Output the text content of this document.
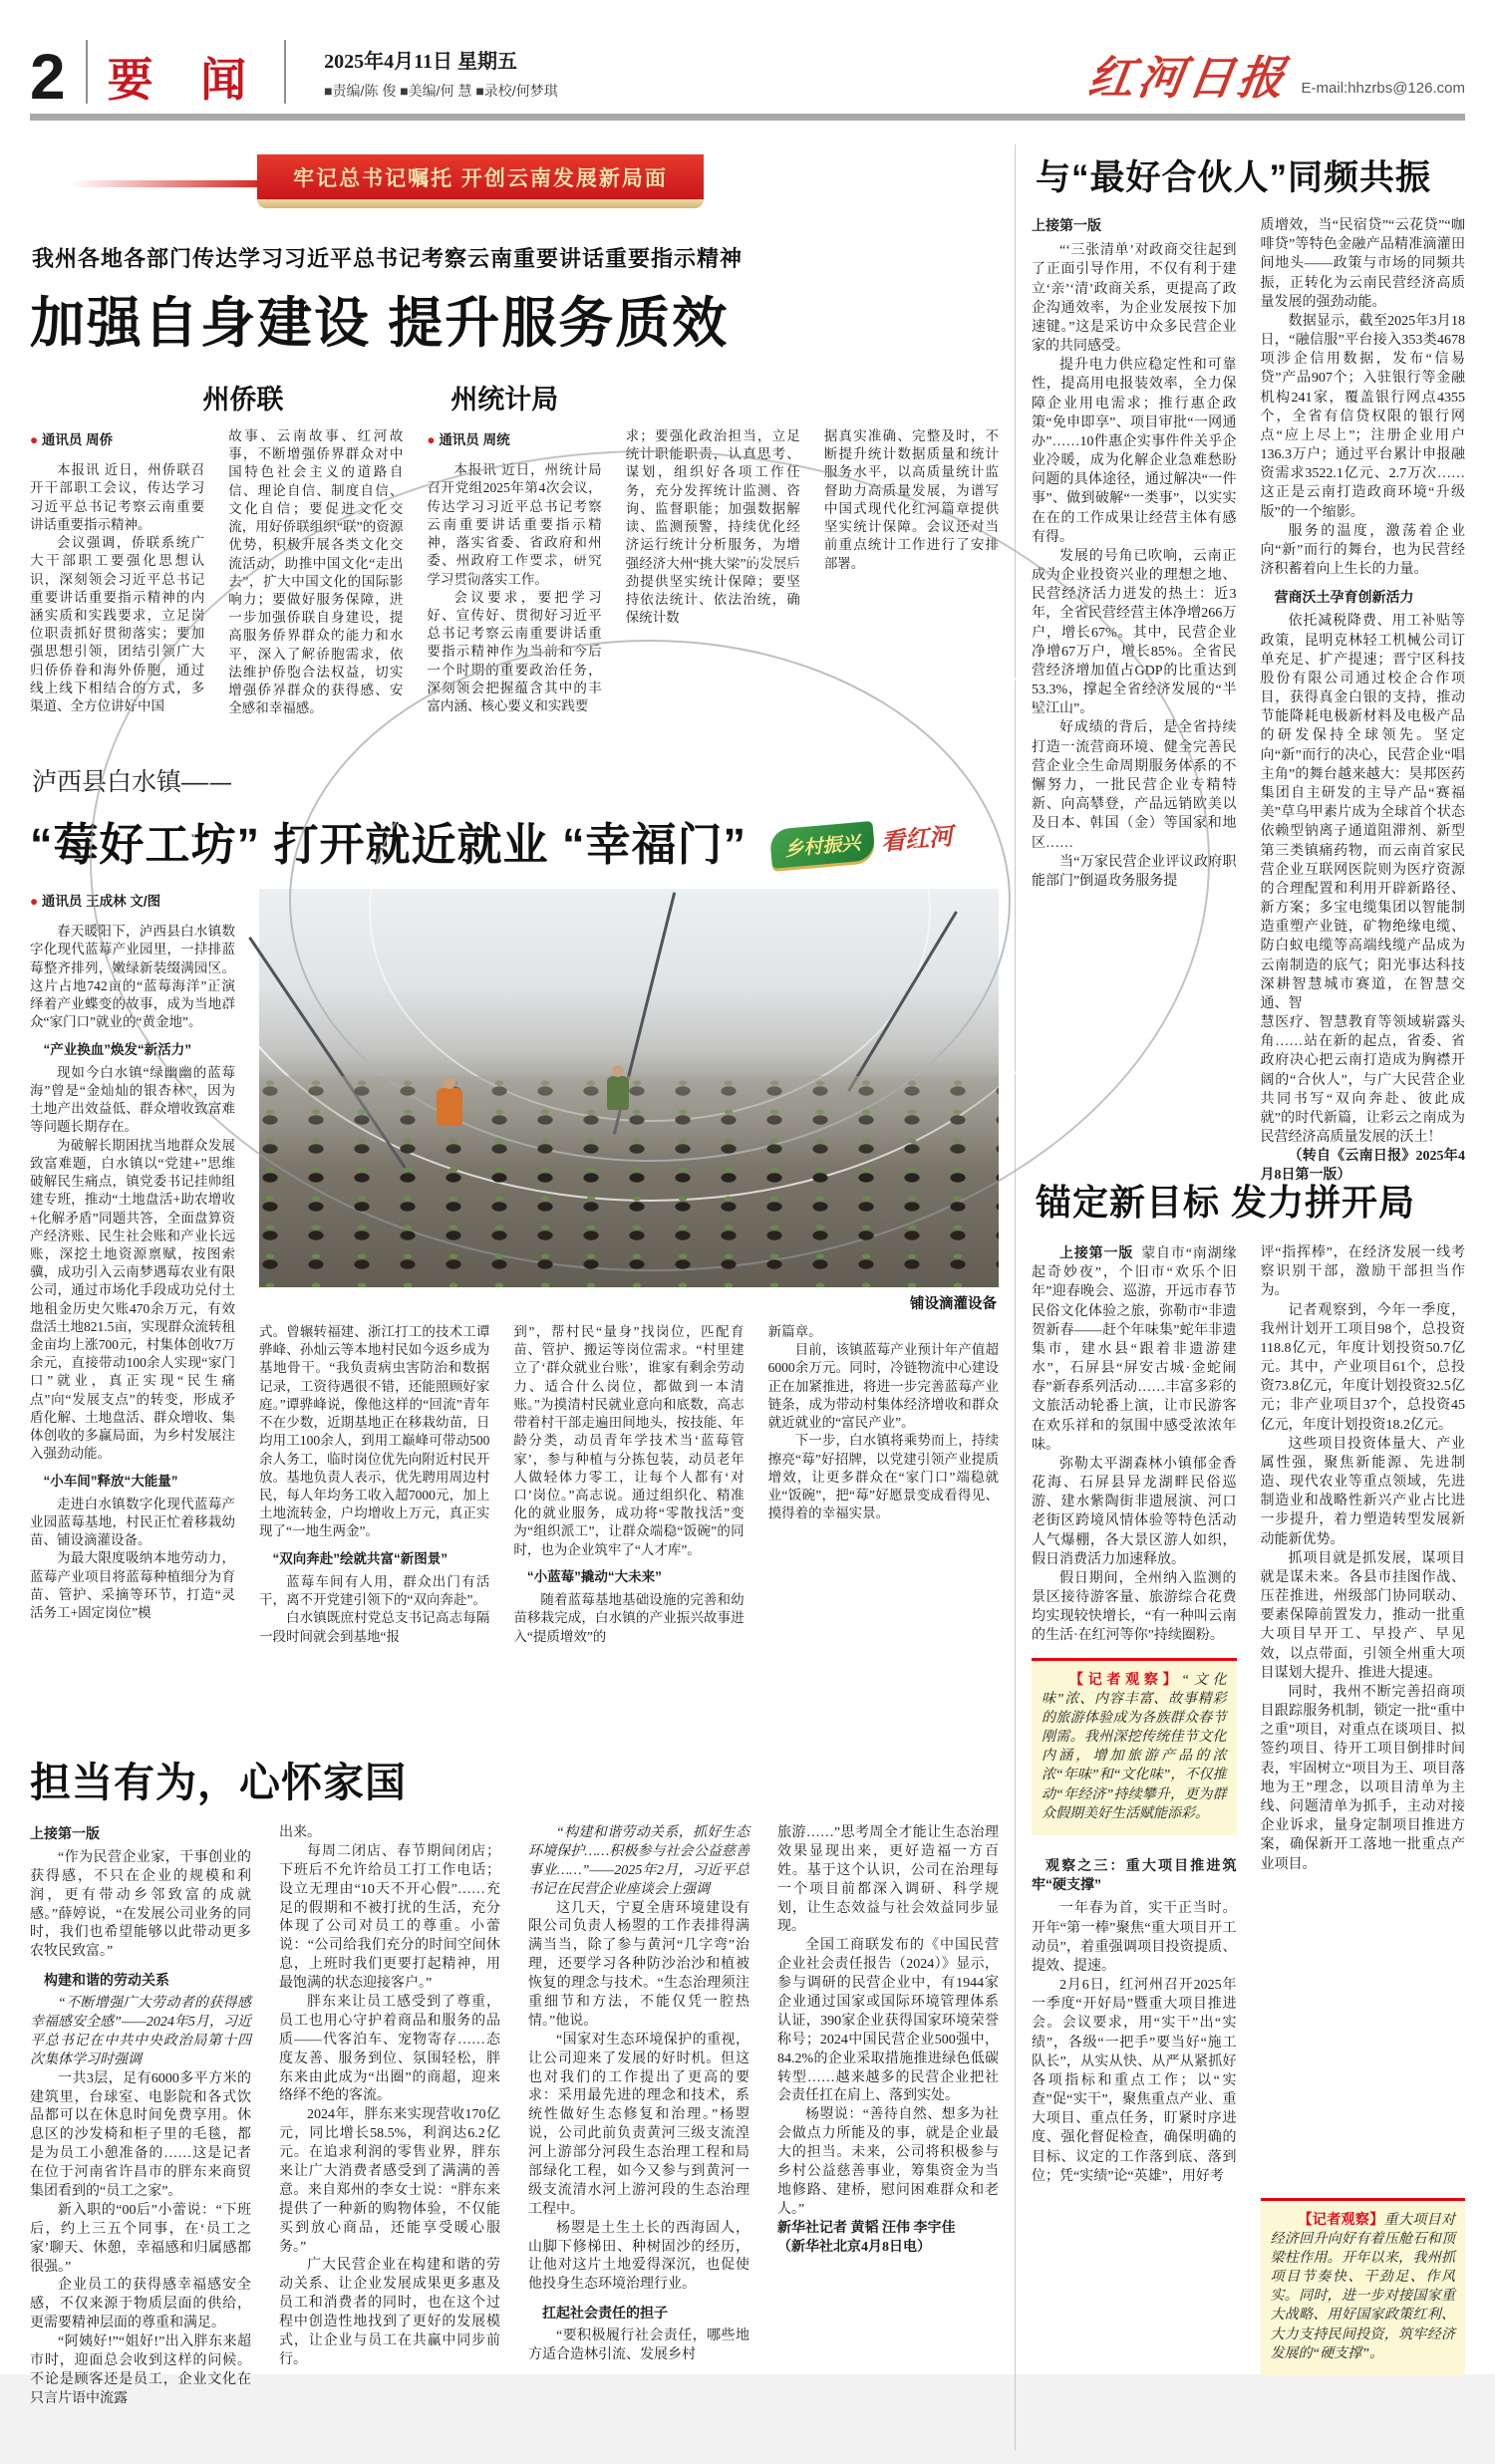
2 要 闻	2025年4月11日 星期五
■责编/陈 俊 ■美编/何 慧 ■录校/何梦琪	红河日报 E-mail:hhzrbs@126.com
牢记总书记嘱托 开创云南发展新局面
我州各地各部门传达学习习近平总书记考察云南重要讲话重要指示精神
加强自身建设 提升服务质效
州侨联	州统计局

● 通讯员 周侨

本报讯 近日，州侨联召开干部职工会议，传达学习习近平总书记考察云南重要讲话重要指示精神。

会议强调，侨联系统广大干部职工要强化思想认识，深刻领会习近平总书记重要讲话重要指示精神的内涵实质和实践要求，立足岗位职责抓好贯彻落实；要加强思想引领，团结引领广大归侨侨眷和海外侨胞，通过线上线下相结合的方式，多渠道、全方位讲好中国

故事、云南故事、红河故事，不断增强侨界群众对中国特色社会主义的道路自信、理论自信、制度自信、文化自信；要促进文化交流，用好侨联组织“联”的资源优势，积极开展各类文化交流活动，助推中国文化“走出去”，扩大中国文化的国际影响力；要做好服务保障，进一步加强侨联自身建设，提高服务侨界群众的能力和水平，深入了解侨胞需求，依法维护侨胞合法权益，切实增强侨界群众的获得感、安全感和幸福感。

● 通讯员 周统

本报讯 近日，州统计局召开党组2025年第4次会议，传达学习习近平总书记考察云南重要讲话重要指示精神，落实省委、省政府和州委、州政府工作要求，研究学习贯彻落实工作。

会议要求，要把学习好、宣传好、贯彻好习近平总书记考察云南重要讲话重要指示精神作为当前和今后一个时期的重要政治任务，深刻领会把握蕴含其中的丰富内涵、核心要义和实践要

求；要强化政治担当，立足统计职能职责，认真思考、谋划，组织好各项工作任务，充分发挥统计监测、咨询、监督职能；加强数据解读、监测预警，持续优化经济运行统计分析服务，为增强经济大州“挑大梁”的发展后劲提供坚实统计保障；要坚持依法统计、依法治统，确保统计数

据真实准确、完整及时，不断提升统计数据质量和统计服务水平，以高质量统计监督助力高质量发展，为谱写中国式现代化红河篇章提供坚实统计保障。会议还对当前重点统计工作进行了安排部署。

泸西县白水镇——
“莓好工坊” 打开就近就业 “幸福门”	乡村振兴 看红河

● 通讯员 王成林 文/图

春天暖阳下，泸西县白水镇数字化现代蓝莓产业园里，一排排蓝莓整齐排列，嫩绿新装缀满园区。这片占地742亩的“蓝莓海洋”正演绎着产业蝶变的故事，成为当地群众“家门口”就业的“黄金地”。

“产业换血”焕发“新活力”

现如今白水镇“绿幽幽的蓝莓海”曾是“金灿灿的银杏林”，因为土地产出效益低、群众增收致富难等问题长期存在。

为破解长期困扰当地群众发展致富难题，白水镇以“党建+”思维破解民生痛点，镇党委书记挂帅组建专班，推动“土地盘活+助农增收+化解矛盾”同题共答，全面盘算资产经济账、民生社会账和产业长远账，深挖土地资源禀赋，按图索骥，成功引入云南梦遇莓农业有限公司，通过市场化手段成功兑付土地租金历史欠账470余万元，有效盘活土地821.5亩，实现群众流转租金亩均上涨700元，村集体创收7万余元，直接带动100余人实现“家门口”就业，真正实现“民生痛点”向“发展支点”的转变，形成矛盾化解、土地盘活、群众增收、集体创收的多赢局面，为乡村发展注入强劲动能。

“小车间”释放“大能量”

走进白水镇数字化现代蓝莓产业园蓝莓基地，村民正忙着移栽幼苗、铺设滴灌设备。

为最大限度吸纳本地劳动力，蓝莓产业项目将蓝莓种植细分为育苗、管护、采摘等环节，打造“灵活务工+固定岗位”模

铺设滴灌设备

式。曾辗转福建、浙江打工的技术工谭骅峰、孙灿云等本地村民如今返乡成为基地骨干。“我负责病虫害防治和数据记录，工资待遇很不错，还能照顾好家庭。”谭骅峰说，像他这样的“回流”青年不在少数，近期基地正在移栽幼苗，日均用工100余人，到用工巅峰可带动500余人务工，临时岗位优先向附近村民开放。基地负责人表示，优先聘用周边村民，每人年均务工收入超7000元，加上土地流转金，户均增收上万元，真正实现了“一地生两金”。

“双向奔赴”绘就共富“新图景”

蓝莓车间有人用，群众出门有活干，离不开党建引领下的“双向奔赴”。

白水镇既庶村党总支书记高志每隔一段时间就会到基地“报

到”，帮村民“量身”找岗位，匹配育苗、管护、搬运等岗位需求。“村里建立了‘群众就业台账’，谁家有剩余劳动力、适合什么岗位，都做到一本清账。”为摸清村民就业意向和底数，高志带着村干部走遍田间地头，按技能、年龄分类，动员青年学技术当‘蓝莓管家’，参与种植与分拣包装，动员老年人做轻体力零工，让每个人都有‘对口’岗位。”高志说。通过组织化、精准化的就业服务，成功将“零散找活”变为“组织派工”，让群众端稳“饭碗”的同时，也为企业筑牢了“人才库”。

“小蓝莓”撬动“大未来”

随着蓝莓基地基础设施的完善和幼苗移栽完成，白水镇的产业振兴故事进入“提质增效”的

新篇章。

目前，该镇蓝莓产业预计年产值超6000余万元。同时，冷链物流中心建设正在加紧推进，将进一步完善蓝莓产业链条，成为带动村集体经济增收和群众就近就业的“富民产业”。

下一步，白水镇将乘势而上，持续擦亮“莓”好招牌，以党建引领产业提质增效，让更多群众在“家门口”端稳就业“饭碗”，把“莓”好愿景变成看得见、摸得着的幸福实景。

担当有为，心怀家国

上接第一版

“作为民营企业家，干事创业的获得感，不只在企业的规模和利润，更有带动乡邻致富的成就感。”薛婷说，“在发展公司业务的同时，我们也希望能够以此带动更多农牧民致富。”

构建和谐的劳动关系

“不断增强广大劳动者的获得感幸福感安全感”——2024年5月，习近平总书记在中共中央政治局第十四次集体学习时强调

一共3层，足有6000多平方米的建筑里，台球室、电影院和各式饮品都可以在休息时间免费享用。休息区的沙发椅和柜子里的毛毯，都是为员工小憩准备的……这是记者在位于河南省许昌市的胖东来商贸集团看到的“员工之家”。

新入职的“00后”小蕾说：“下班后，约上三五个同事，在‘员工之家’聊天、休憩，幸福感和归属感都很强。”

企业员工的获得感幸福感安全感，不仅来源于物质层面的供给，更需要精神层面的尊重和满足。

“阿姨好!”“姐好!”出入胖东来超市时，迎面总会收到这样的问候。不论是顾客还是员工，企业文化在只言片语中流露

出来。

每周二闭店、春节期间闭店；下班后不允许给员工打工作电话；设立无理由“10天不开心假”……充足的假期和不被打扰的生活，充分体现了公司对员工的尊重。小蕾说：“公司给我们充分的时间空间休息，上班时我们更要打起精神，用最饱满的状态迎接客户。”

胖东来让员工感受到了尊重，员工也用心守护着商品和服务的品质——代客泊车、宠物寄存……态度友善、服务到位、氛围轻松，胖东来由此成为“出圈”的商超，迎来络绎不绝的客流。

2024年，胖东来实现营收170亿元，同比增长58.5%，利润达6.2亿元。在追求利润的零售业界，胖东来让广大消费者感受到了满满的善意。来自郑州的李女士说：“胖东来提供了一种新的购物体验，不仅能买到放心商品，还能享受暖心服务。”

广大民营企业在构建和谐的劳动关系、让企业发展成果更多惠及员工和消费者的同时，也在这个过程中创造性地找到了更好的发展模式，让企业与员工在共赢中同步前行。

“构建和谐劳动关系，抓好生态环境保护……积极参与社会公益慈善事业……”——2025年2月，习近平总书记在民营企业座谈会上强调

这几天，宁夏全唐环境建设有限公司负责人杨曌的工作表排得满满当当，除了参与黄河“几字弯”治理，还要学习各种防沙治沙和植被恢复的理念与技术。“生态治理须注重细节和方法，不能仅凭一腔热情。”他说。

“国家对生态环境保护的重视，让公司迎来了发展的好时机。但这也对我们的工作提出了更高的要求：采用最先进的理念和技术，系统性做好生态修复和治理。”杨曌说，公司此前负责黄河三级支流湟河上游部分河段生态治理工程和局部绿化工程，如今又参与到黄河一级支流清水河上游河段的生态治理工程中。

杨曌是土生土长的西海固人，山脚下修梯田、种树固沙的经历，让他对这片土地爱得深沉，也促使他投身生态环境治理行业。

扛起社会责任的担子

“要积极履行社会责任，哪些地方适合造林引流、发展乡村

旅游……”思考周全才能让生态治理效果显现出来，更好造福一方百姓。基于这个认识，公司在治理每一个项目前都深入调研、科学规划，让生态效益与社会效益同步显现。

全国工商联发布的《中国民营企业社会责任报告（2024）》显示，参与调研的民营企业中，有1944家企业通过国家或国际环境管理体系认证，390家企业获得国家环境荣誉称号；2024中国民营企业500强中，84.2%的企业采取措施推进绿色低碳转型……越来越多的民营企业把社会责任扛在肩上、落到实处。

杨曌说：“善待自然、想多为社会做点力所能及的事，就是企业最大的担当。未来，公司将积极参与乡村公益慈善事业，筹集资金为当地修路、建桥，慰问困难群众和老人。”

新华社记者 黄韬 汪伟 李宇佳

（新华社北京4月8日电）

与“最好合伙人”同频共振

上接第一版

“‘三张清单’对政商交往起到了正面引导作用，不仅有利于建立‘亲’‘清’政商关系，更提高了政企沟通效率，为企业发展按下加速键。”这是采访中众多民营企业家的共同感受。

提升电力供应稳定性和可靠性，提高用电报装效率，全力保障企业用电需求；推行惠企政策“免申即享”、项目审批“一网通办”……10件惠企实事件件关乎企业冷暖，成为化解企业急难愁盼问题的具体途径，通过解决“一件事”、做到破解“一类事”，以实实在在的工作成果让经营主体有感有得。

发展的号角已吹响，云南正成为企业投资兴业的理想之地、民营经济活力迸发的热土：近3年，全省民营经营主体净增266万户，增长67%。其中，民营企业净增67万户，增长85%。全省民营经济增加值占GDP的比重达到53.3%，撑起全省经济发展的“半壁江山”。

好成绩的背后，是全省持续打造一流营商环境、健全完善民营企业全生命周期服务体系的不懈努力，一批民营企业专精特新、向高攀登，产品远销欧美以及日本、韩国（金）等国家和地区……

当“万家民营企业评议政府职能部门”倒逼政务服务提

质增效，当“民宿贷”“云花贷”“咖啡贷”等特色金融产品精准滴灌田间地头——政策与市场的同频共振，正转化为云南民营经济高质量发展的强劲动能。

数据显示，截至2025年3月18日，“融信服”平台接入353类4678项涉企信用数据，发布“信易贷”产品907个；入驻银行等金融机构241家，覆盖银行网点4355个，全省有信贷权限的银行网点“应上尽上”；注册企业用户136.3万户；通过平台累计申报融资需求3522.1亿元、2.7万次……这正是云南打造政商环境“升级版”的一个缩影。

服务的温度，激荡着企业向“新”而行的舞台，也为民营经济积蓄着向上生长的力量。

营商沃土孕育创新活力

依托减税降费、用工补贴等政策，昆明克林轻工机械公司订单充足、扩产提速；晋宁区科技股份有限公司通过校企合作项目，获得真金白银的支持，推动节能降耗电极新材料及电极产品的研发保持全球领先。坚定向“新”而行的决心，民营企业“唱主角”的舞台越来越大：昊邦医药集团自主研发的主导产品“赛福美”草乌甲素片成为全球首个状态依赖型钠离子通道阻滞剂、新型第三类镇痛药物，而云南首家民营企业互联网医院则为医疗资源的合理配置和利用开辟新路径、新方案；多宝电缆集团以智能制造重塑产业链，矿物绝缘电缆、防白蚁电缆等高端线缆产品成为云南制造的底气；阳光事达科技深耕智慧城市赛道，在智慧交通、智

慧医疗、智慧教育等领域崭露头角……站在新的起点，省委、省政府决心把云南打造成为胸襟开阔的“合伙人”，与广大民营企业共同书写“双向奔赴、彼此成就”的时代新篇，让彩云之南成为民营经济高质量发展的沃土！

（转自《云南日报》2025年4月8日第一版）

锚定新目标 发力拼开局

上接第一版 蒙自市“南湖缘起奇妙夜”，个旧市“欢乐个旧年”迎春晚会、巡游，开远市春节民俗文化体验之旅，弥勒市“非遗贺新春——赶个年味集”蛇年非遗集市，建水县“跟着非遗游建水”，石屏县“屏安古城·金蛇闹春”新春系列活动……丰富多彩的文旅活动轮番上演，让市民游客在欢乐祥和的氛围中感受浓浓年味。

弥勒太平湖森林小镇郁金香花海、石屏县异龙湖畔民俗巡游、建水紫陶街非遗展演、河口老街区跨境风情体验等特色活动人气爆棚，各大景区游人如织，假日消费活力加速释放。

假日期间，全州纳入监测的景区接待游客量、旅游综合花费均实现较快增长，“有一种叫云南的生活·在红河等你”持续圈粉。

【记者观察】“文化味”浓、内容丰富、故事精彩的旅游体验成为各族群众春节刚需。我州深挖传统佳节文化内涵，增加旅游产品的浓浓“年味”和“文化味”，不仅推动“年经济”持续攀升，更为群众假期美好生活赋能添彩。

观察之三：重大项目推进筑牢“硬支撑”

一年春为首，实干正当时。开年“第一棒”聚焦“重大项目开工动员”，着重强调项目投资提质、提效、提速。

2月6日，红河州召开2025年一季度“开好局”暨重大项目推进会。会议要求，用“实干”出“实绩”，各级“一把手”要当好“施工队长”，从实从快、从严从紧抓好各项指标和重点工作；以“实查”促“实干”，聚焦重点产业、重大项目、重点任务，盯紧时序进度、强化督促检查，确保明确的目标、议定的工作落到底、落到位；凭“实绩”论“英雄”，用好考

评“指挥棒”，在经济发展一线考察识别干部，激励干部担当作为。

记者观察到，今年一季度，我州计划开工项目98个，总投资118.8亿元，年度计划投资50.7亿元。其中，产业项目61个，总投资73.8亿元，年度计划投资32.5亿元；非产业项目37个，总投资45亿元，年度计划投资18.2亿元。

这些项目投资体量大、产业属性强，聚焦新能源、先进制造、现代农业等重点领域，先进制造业和战略性新兴产业占比进一步提升，着力塑造转型发展新动能新优势。

抓项目就是抓发展，谋项目就是谋未来。各县市挂图作战、压茬推进，州级部门协同联动、要素保障前置发力，推动一批重大项目早开工、早投产、早见效，以点带面，引领全州重大项目谋划大提升、推进大提速。

同时，我州不断完善招商项目跟踪服务机制，锁定一批“重中之重”项目，对重点在谈项目、拟签约项目、待开工项目倒排时间表，牢固树立“项目为王、项目落地为王”理念，以项目清单为主线、问题清单为抓手，主动对接企业诉求，量身定制项目推进方案，确保新开工落地一批重点产业项目。

【记者观察】重大项目对经济回升向好有着压舱石和顶梁柱作用。开年以来，我州抓项目节奏快、干劲足、作风实。同时，进一步对接国家重大战略、用好国家政策红利、大力支持民间投资，筑牢经济发展的“硬支撑”。
